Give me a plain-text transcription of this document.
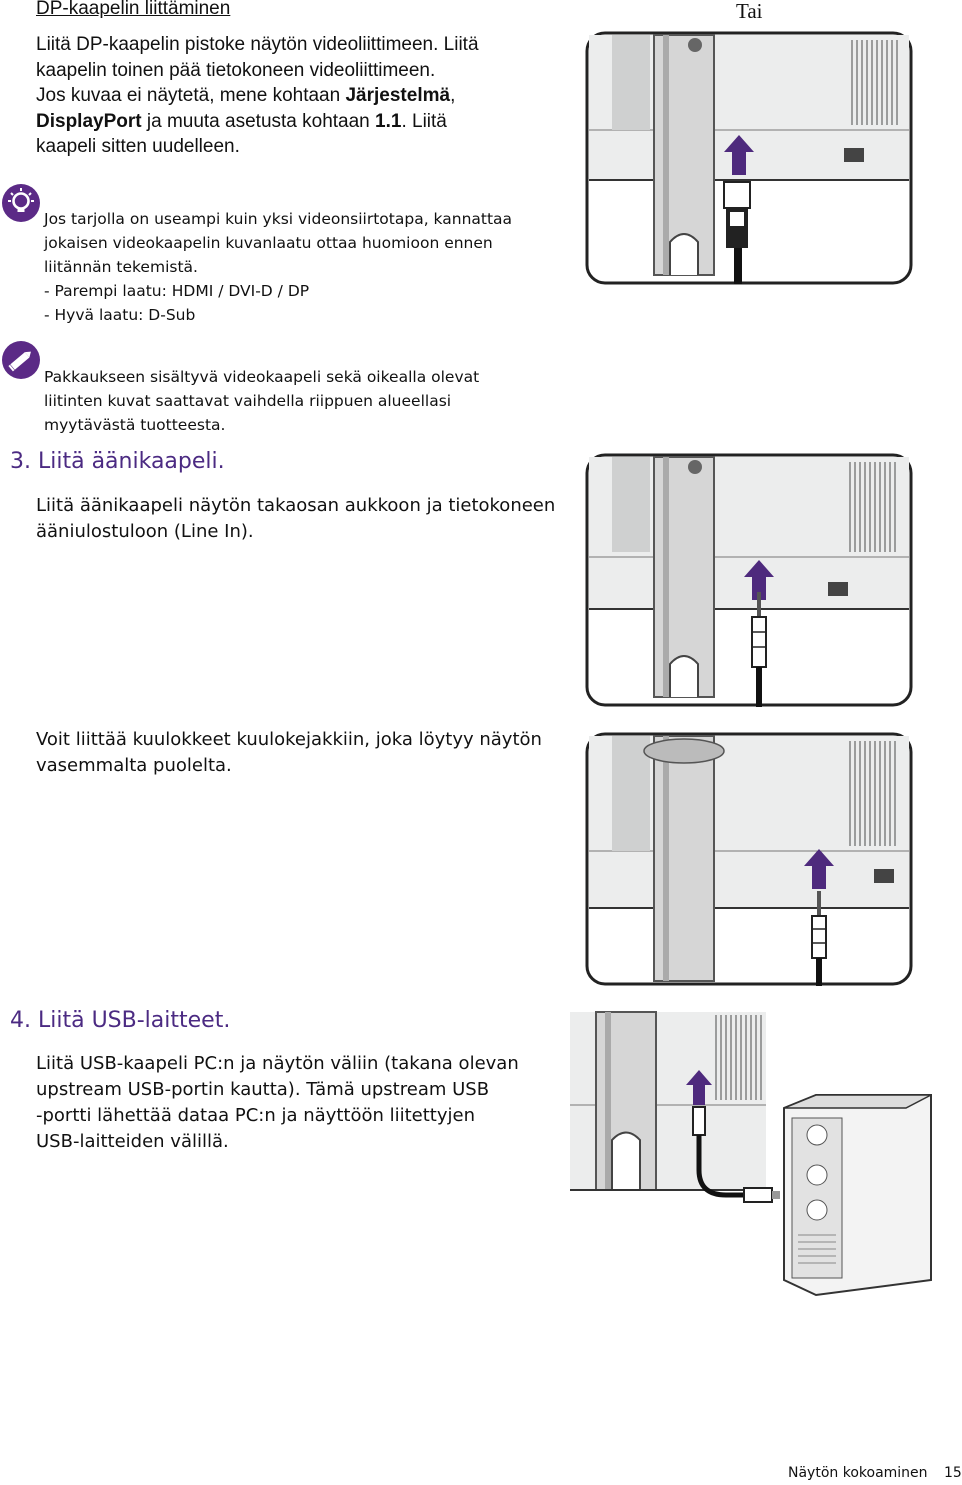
DP-kaapelin liittäminen
Liitä DP-kaapelin pistoke näytön videoliittimeen. Liitä
kaapelin toinen pää tietokoneen videoliittimeen.
Jos kuvaa ei näytetä, mene kohtaan Järjestelmä,
DisplayPort ja muuta asetusta kohtaan 1.1. Liitä
kaapeli sitten uudelleen.
Tai
Jos tarjolla on useampi kuin yksi videonsiirtotapa, kannattaa
jokaisen videokaapelin kuvanlaatu ottaa huomioon ennen
liitännän tekemistä.
- Parempi laatu: HDMI / DVI-D / DP
- Hyvä laatu: D-Sub
Pakkaukseen sisältyvä videokaapeli sekä oikealla olevat
liitinten kuvat saattavat vaihdella riippuen alueellasi
myytävästä tuotteesta.
3. Liitä äänikaapeli.
Liitä äänikaapeli näytön takaosan aukkoon ja tietokoneen
ääniulostuloon (Line In).
Voit liittää kuulokkeet kuulokejakkiin, joka löytyy näytön
vasemmalta puolelta.
4. Liitä USB-laitteet.
Liitä USB-kaapeli PC:n ja näytön väliin (takana olevan
upstream USB-portin kautta). Tämä upstream USB
-portti lähettää dataa PC:n ja näyttöön liitettyjen
USB-laitteiden välillä.
Näytön kokoaminen 15
